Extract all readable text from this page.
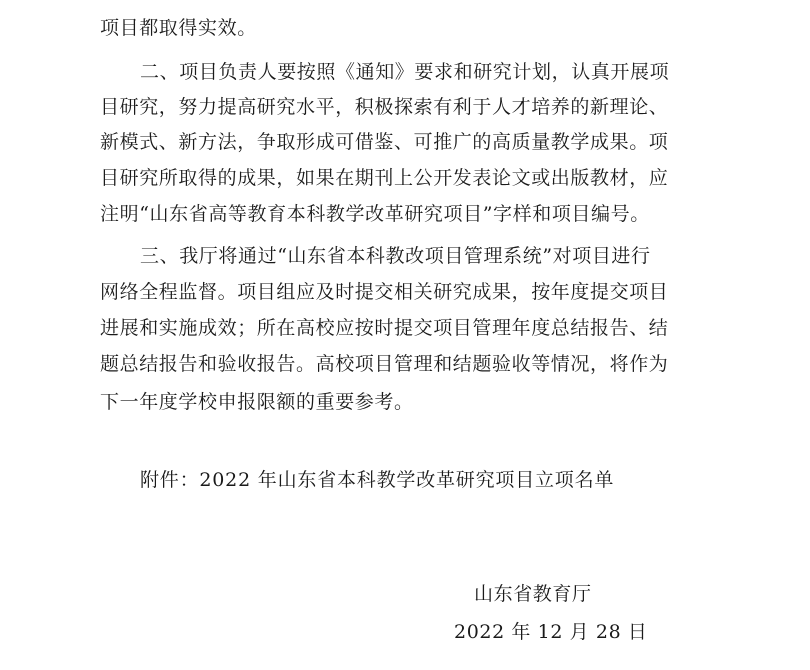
项目都取得实效。
二、项目负责人要按照《通知》要求和研究计划，认真开展项
目研究，努力提高研究水平，积极探索有利于人才培养的新理论、
新模式、新方法，争取形成可借鉴、可推广的高质量教学成果。项
目研究所取得的成果，如果在期刊上公开发表论文或出版教材，应
注明“山东省高等教育本科教学改革研究项目”字样和项目编号。
三、我厅将通过“山东省本科教改项目管理系统”对项目进行
网络全程监督。项目组应及时提交相关研究成果，按年度提交项目
进展和实施成效；所在高校应按时提交项目管理年度总结报告、结
题总结报告和验收报告。高校项目管理和结题验收等情况，将作为
下一年度学校申报限额的重要参考。
附件：2022 年山东省本科教学改革研究项目立项名单
山东省教育厅
2022 年 12 月 28 日
